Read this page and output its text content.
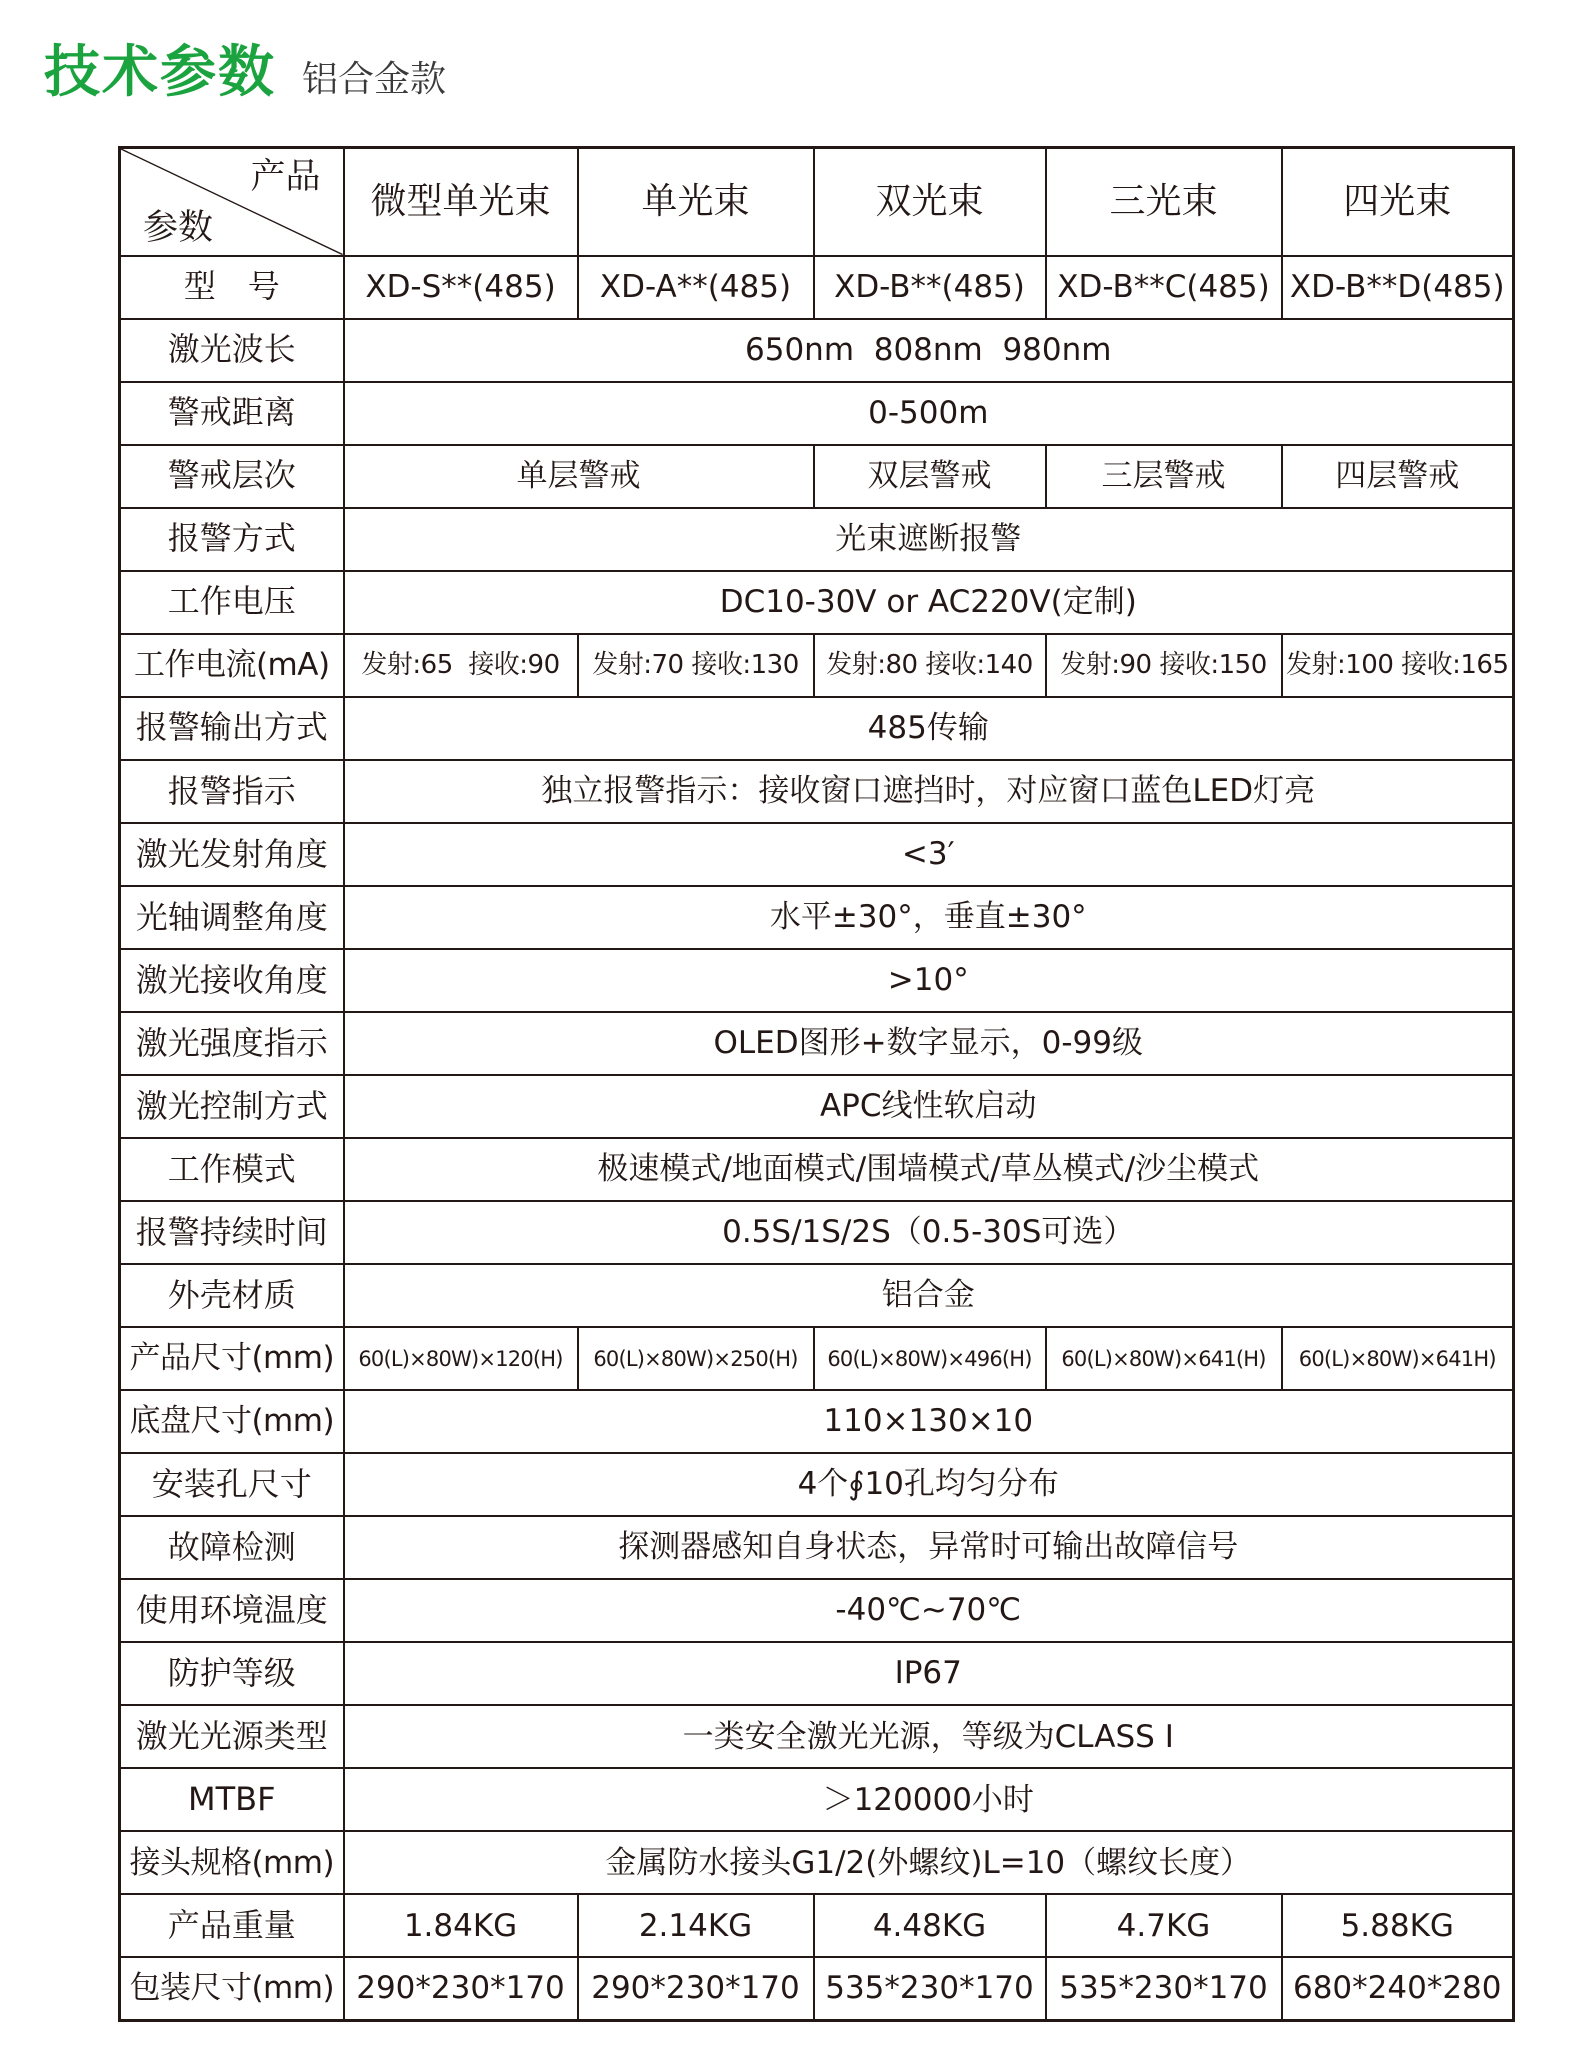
技术参数 铝合金款
产品
参数	微型单光束	单光束	双光束	三光束	四光束
型　号	XD-S**(485)	XD-A**(485)	XD-B**(485)	XD-B**C(485)	XD-B**D(485)
激光波长	650nm  808nm  980nm				
警戒距离	0-500m				
警戒层次	单层警戒		双层警戒	三层警戒	四层警戒
报警方式	光束遮断报警				
工作电压	DC10-30V or AC220V(定制)				
工作电流(mA)	发射:65  接收:90	发射:70 接收:130	发射:80 接收:140	发射:90 接收:150	发射:100 接收:165
报警输出方式	485传输				
报警指示	独立报警指示：接收窗口遮挡时，对应窗口蓝色LED灯亮				
激光发射角度	<3′				
光轴调整角度	水平±30°，垂直±30°				
激光接收角度	>10°				
激光强度指示	OLED图形+数字显示，0-99级				
激光控制方式	APC线性软启动				
工作模式	极速模式/地面模式/围墙模式/草丛模式/沙尘模式				
报警持续时间	0.5S/1S/2S（0.5-30S可选）				
外壳材质	铝合金				
产品尺寸(mm)	60(L)×80W)×120(H)	60(L)×80W)×250(H)	60(L)×80W)×496(H)	60(L)×80W)×641(H)	60(L)×80W)×641H)
底盘尺寸(mm)	110×130×10				
安装孔尺寸	4个∮10孔均匀分布				
故障检测	探测器感知自身状态，异常时可输出故障信号				
使用环境温度	-40℃~70℃				
防护等级	IP67				
激光光源类型	一类安全激光光源，等级为CLASS Ⅰ				
MTBF	＞120000小时				
接头规格(mm)	金属防水接头G1/2(外螺纹)L=10（螺纹长度）				
产品重量	1.84KG	2.14KG	4.48KG	4.7KG	5.88KG
包装尺寸(mm)	290*230*170	290*230*170	535*230*170	535*230*170	680*240*280
